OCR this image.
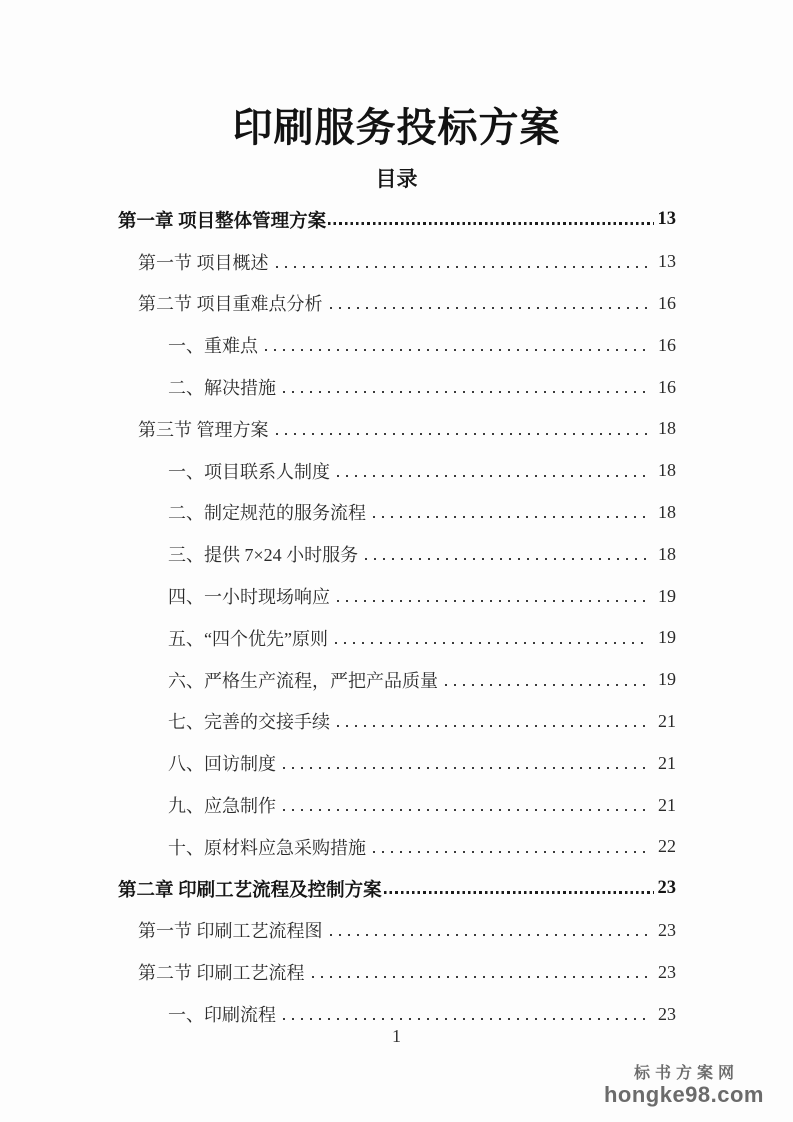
印刷服务投标方案
目录
第一章 项目整体管理方案	13
第一节 项目概述	13
第二节 项目重难点分析	16
一、重难点	16
二、解决措施	16
第三节 管理方案	18
一、项目联系人制度	18
二、制定规范的服务流程	18
三、提供 7×24 小时服务	18
四、一小时现场响应	19
五、“四个优先”原则	19
六、严格生产流程，严把产品质量	19
七、完善的交接手续	21
八、回访制度	21
九、应急制作	21
十、原材料应急采购措施	22
第二章 印刷工艺流程及控制方案	23
第一节 印刷工艺流程图	23
第二节 印刷工艺流程	23
一、印刷流程	23
1
标书方案网
hongke98.com
